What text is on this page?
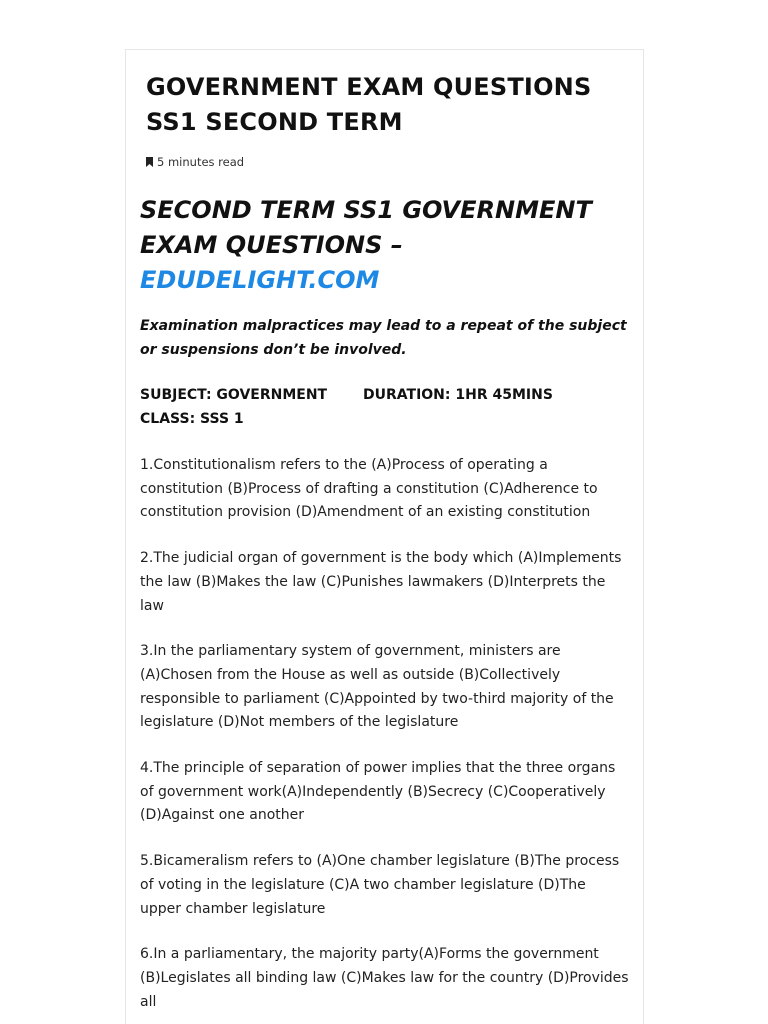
GOVERNMENT EXAM QUESTIONS SS1 SECOND TERM
5 minutes read
SECOND TERM SS1 GOVERNMENT EXAM QUESTIONS –
EDUDELIGHT.COM

Examination malpractices may lead to a repeat of the subject or suspensions don’t be involved.

SUBJECT: GOVERNMENT	DURATION: 1HR 45MINS
CLASS: SSS 1

1.Constitutionalism refers to the (A)Process of operating a constitution (B)Process of drafting a constitution (C)Adherence to constitution provision (D)Amendment of an existing constitution

2.The judicial organ of government is the body which (A)Implements the law (B)Makes the law (C)Punishes lawmakers (D)Interprets the law

3.In the parliamentary system of government, ministers are (A)Chosen from the House as well as outside (B)Collectively responsible to parliament (C)Appointed by two-third majority of the legislature (D)Not members of the legislature

4.The principle of separation of power implies that the three organs of government work(A)Independently (B)Secrecy (C)Cooperatively (D)Against one another

5.Bicameralism refers to (A)One chamber legislature (B)The process of voting in the legislature (C)A two chamber legislature (D)The upper chamber legislature

6.In a parliamentary, the majority party(A)Forms the government (B)Legislates all binding law (C)Makes law for the country (D)Provides all
